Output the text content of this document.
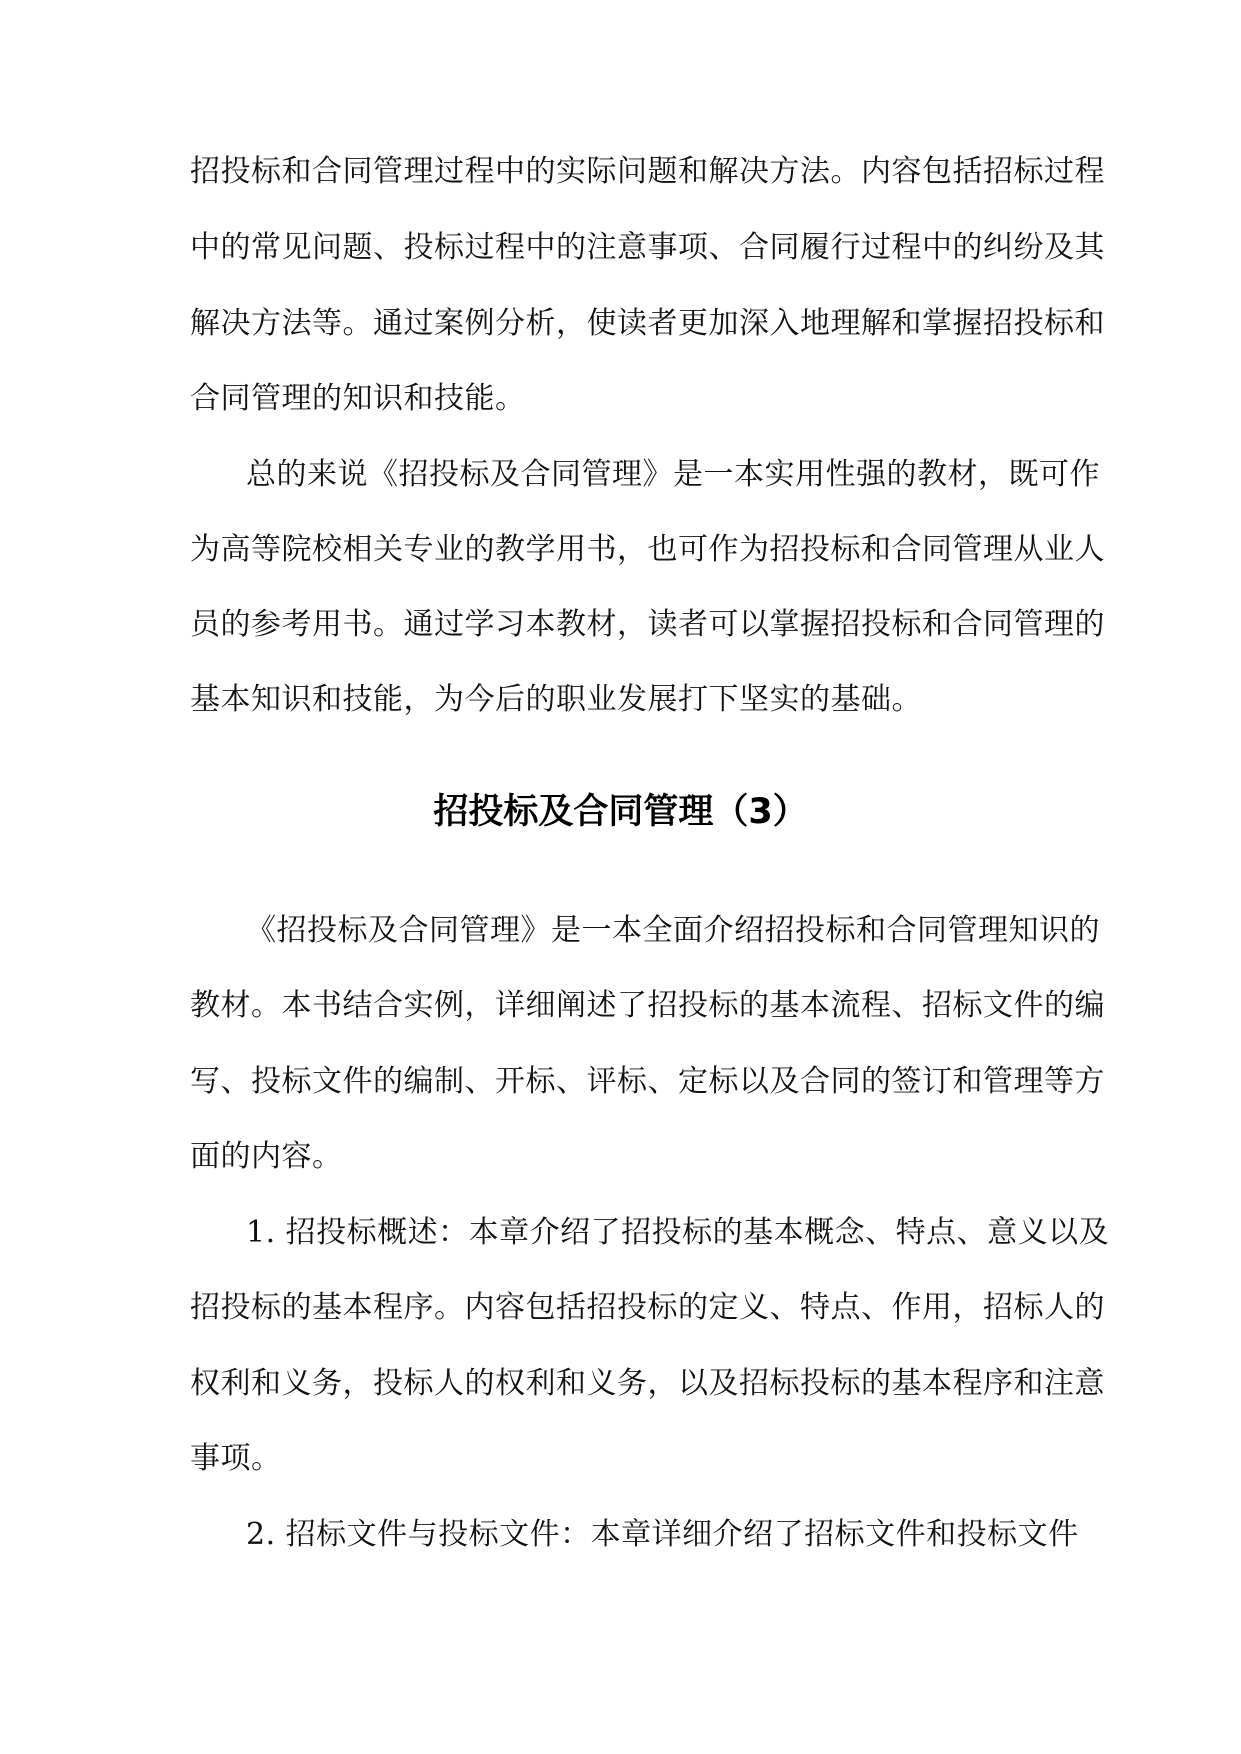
招投标和合同管理过程中的实际问题和解决方法。内容包括招标过程
中的常见问题、投标过程中的注意事项、合同履行过程中的纠纷及其
解决方法等。通过案例分析，使读者更加深入地理解和掌握招投标和
合同管理的知识和技能。
总的来说《招投标及合同管理》是一本实用性强的教材，既可作
为高等院校相关专业的教学用书，也可作为招投标和合同管理从业人
员的参考用书。通过学习本教材，读者可以掌握招投标和合同管理的
基本知识和技能，为今后的职业发展打下坚实的基础。
招投标及合同管理（3）
《招投标及合同管理》是一本全面介绍招投标和合同管理知识的
教材。本书结合实例，详细阐述了招投标的基本流程、招标文件的编
写、投标文件的编制、开标、评标、定标以及合同的签订和管理等方
面的内容。
1. 招投标概述：本章介绍了招投标的基本概念、特点、意义以及
招投标的基本程序。内容包括招投标的定义、特点、作用，招标人的
权利和义务，投标人的权利和义务，以及招标投标的基本程序和注意
事项。
2. 招标文件与投标文件：本章详细介绍了招标文件和投标文件
